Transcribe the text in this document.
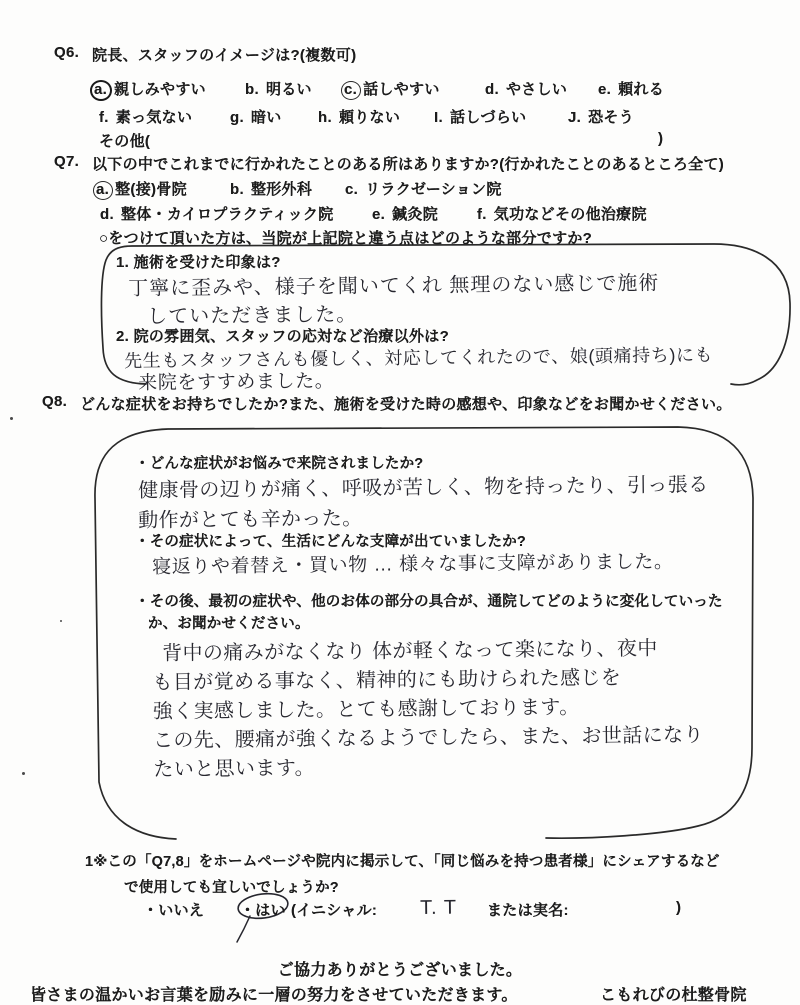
Q6. 院長、スタッフのイメージは?(複数可)
a. 親しみやすい	b. 明るい c. 話しやすい	d. やさしい e. 頼れる
f. 素っ気ない	g. 暗い h. 頼りない I. 話しづらい	J. 恐そう
その他(	)
Q7. 以下の中でこれまでに行かれたことのある所はありますか?(行かれたことのあるところ全て)
a. 整(接)骨院	b. 整形外科 c. リラクゼーション院
d. 整体・カイロプラクティック院	e. 鍼灸院	f. 気功などその他治療院
○をつけて頂いた方は、当院が上記院と違う点はどのような部分ですか?
1. 施術を受けた印象は?
丁寧に歪みや、様子を聞いてくれ 無理のない感じで施術
していただきました。
2. 院の雰囲気、スタッフの応対など治療以外は?
先生もスタッフさんも優しく、対応してくれたので、娘(頭痛持ち)にも
来院をすすめました。
Q8. どんな症状をお持ちでしたか?また、施術を受けた時の感想や、印象などをお聞かせください。
・どんな症状がお悩みで来院されましたか?
健康骨の辺りが痛く、呼吸が苦しく、物を持ったり、引っ張る
動作がとても辛かった。
・その症状によって、生活にどんな支障が出ていましたか?
寝返りや着替え・買い物 … 様々な事に支障がありました。
・その後、最初の症状や、他のお体の部分の具合が、通院してどのように変化していった
か、お聞かせください。
背中の痛みがなくなり 体が軽くなって楽になり、夜中
も目が覚める事なく、精神的にも助けられた感じを
強く実感しました。とても感謝しております。
この先、腰痛が強くなるようでしたら、また、お世話になり
たいと思います。
1※この「Q7,8」をホームページや院内に掲示して、「同じ悩みを持つ患者様」にシェアするなど
で使用しても宜しいでしょうか?
・いいえ ・はい (イニシャル: T. T または実名:	)
ご協力ありがとうございました。
皆さまの温かいお言葉を励みに一層の努力をさせていただきます。	こもれびの杜整骨院
